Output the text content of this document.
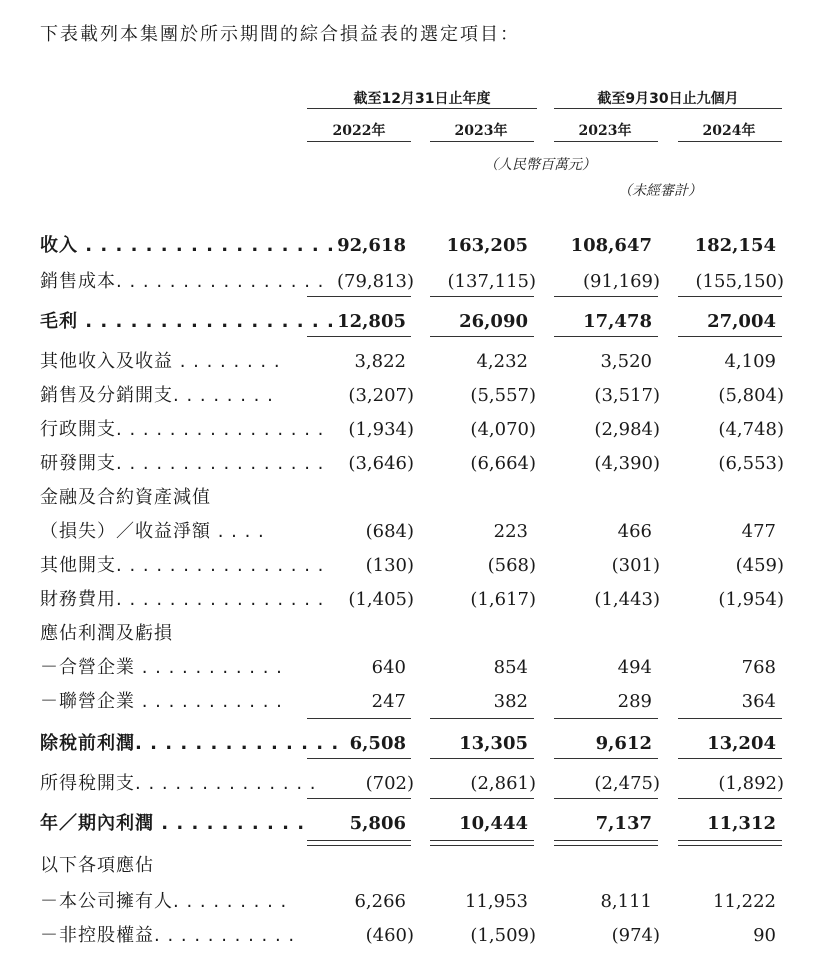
下表載列本集團於所示期間的綜合損益表的選定項目：
截至12月31日止年度	截至9月30日止九個月
2022年	2023年	2023年	2024年
（人民幣百萬元）
（未經審計）
收入 . . . . . . . . . . . . . . . . . 92,618	163,205	108,647	182,154
銷售成本. . . . . . . . . . . . . . . . (79,813)	(137,115)	(91,169)	(155,150)
毛利 . . . . . . . . . . . . . . . . . 12,805	26,090	17,478	27,004
其他收入及收益 . . . . . . . .	3,822	4,232	3,520	4,109
銷售及分銷開支. . . . . . . .	(3,207)	(5,557)	(3,517)	(5,804)
行政開支. . . . . . . . . . . . . . . .	(1,934)	(4,070)	(2,984)	(4,748)
研發開支. . . . . . . . . . . . . . . .	(3,646)	(6,664)	(4,390)	(6,553)
金融及合約資產減值
（損失）／收益淨額 . . . .	(684)	223	466	477
其他開支. . . . . . . . . . . . . . . .	(130)	(568)	(301)	(459)
財務費用. . . . . . . . . . . . . . . .	(1,405)	(1,617)	(1,443)	(1,954)
應佔利潤及虧損
－合營企業 . . . . . . . . . . .	640	854	494	768
－聯營企業 . . . . . . . . . . .	247	382	289	364
除稅前利潤. . . . . . . . . . . . . . 6,508	13,305	9,612	13,204
所得稅開支. . . . . . . . . . . . . .	(702)	(2,861)	(2,475)	(1,892)
年／期內利潤 . . . . . . . . . .	5,806	10,444	7,137	11,312
以下各項應佔
－本公司擁有人. . . . . . . . .	6,266	11,953	8,111	11,222
－非控股權益. . . . . . . . . . .	(460)	(1,509)	(974)	90
